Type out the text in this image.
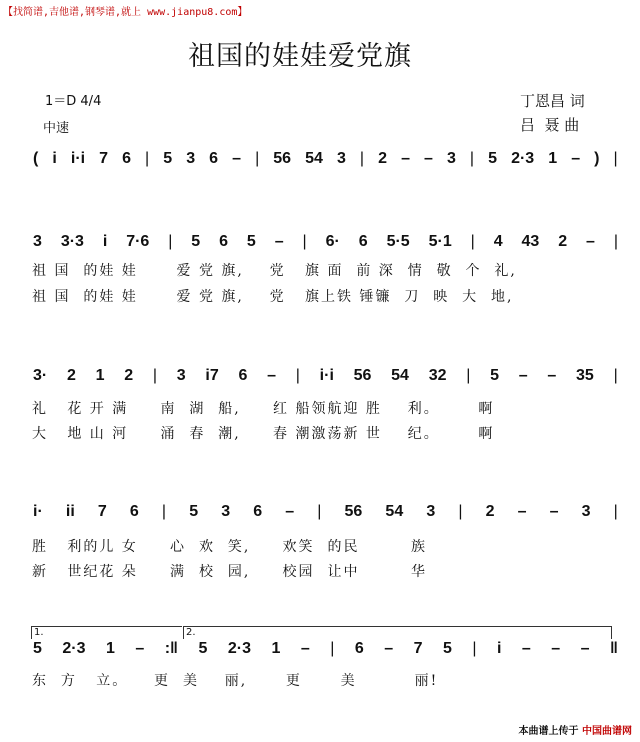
【找简谱,吉他谱,钢琴谱,就上 www.jianpu8.com】
祖国的娃娃爱党旗
1＝D 4/4
中速
丁恩昌 词
吕  聂 曲
( i i·i 7 6 | 5 3 6 – | 56 54 3 | 2 – – 3 | 5 2·3 1 – ) |
3 3·3 i 7·6 | 5 6 5 – | 6· 6 5·5 5·1 | 4 43 2 – |
祖 国  的娃 娃      爱 党 旗,    党   旗 面  前 深  情  敬  个  礼,
祖 国  的娃 娃      爱 党 旗,    党   旗上铁 锤镰  刀  映  大  地,
3· 2 1 2 | 3 i7 6 – | i·i 56 54 32 | 5 – – 35 |
礼   花 开 满     南  湖  船,     红 船领航迎 胜    利。      啊
大   地 山 河     涌  春  潮,     春 潮激荡新 世    纪。      啊
i· ii 7 6 | 5 3 6 – | 56 54 3 | 2 – – 3 |
胜   利的儿 女     心  欢  笑,     欢笑  的民        族
新   世纪花 朵     满  校  园,     校园  让中        华
1.	2.
5 2·3 1 – :‖ 5 2·3 1 – | 6 – 7 5 | i – – – ‖
东  方   立。    更  美    丽,      更      美         丽!
本曲谱上传于 中国曲谱网
